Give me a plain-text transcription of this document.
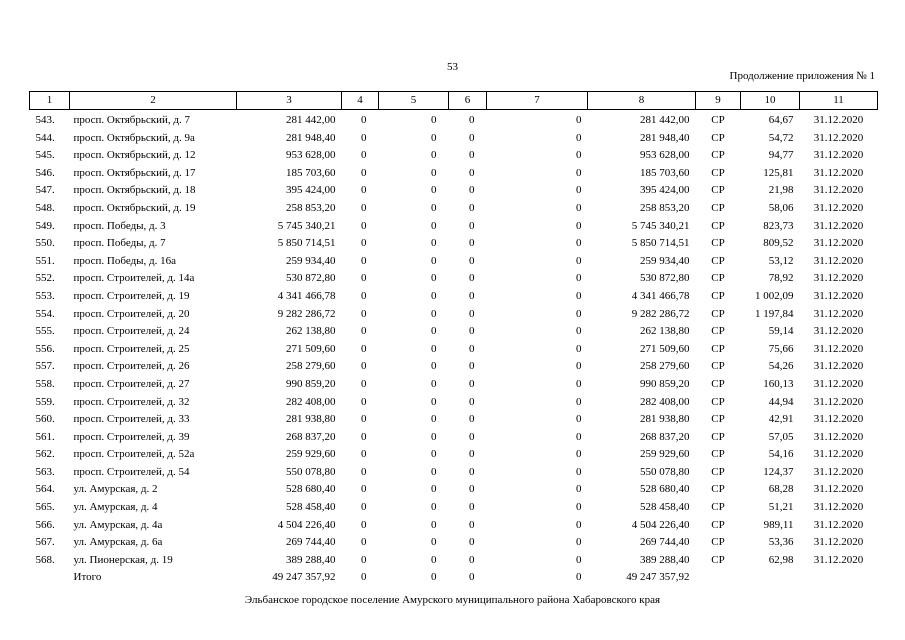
53
Продолжение приложения № 1
1	2	3	4	5	6	7	8	9	10	11
543.	просп. Октябрьский, д. 7	281 442,00	0	0	0	0	281 442,00	СР	64,67	31.12.2020
544.	просп. Октябрьский, д. 9а	281 948,40	0	0	0	0	281 948,40	СР	54,72	31.12.2020
545.	просп. Октябрьский, д. 12	953 628,00	0	0	0	0	953 628,00	СР	94,77	31.12.2020
546.	просп. Октябрьский, д. 17	185 703,60	0	0	0	0	185 703,60	СР	125,81	31.12.2020
547.	просп. Октябрьский, д. 18	395 424,00	0	0	0	0	395 424,00	СР	21,98	31.12.2020
548.	просп. Октябрьский, д. 19	258 853,20	0	0	0	0	258 853,20	СР	58,06	31.12.2020
549.	просп. Победы, д. 3	5 745 340,21	0	0	0	0	5 745 340,21	СР	823,73	31.12.2020
550.	просп. Победы, д. 7	5 850 714,51	0	0	0	0	5 850 714,51	СР	809,52	31.12.2020
551.	просп. Победы, д. 16а	259 934,40	0	0	0	0	259 934,40	СР	53,12	31.12.2020
552.	просп. Строителей, д. 14а	530 872,80	0	0	0	0	530 872,80	СР	78,92	31.12.2020
553.	просп. Строителей, д. 19	4 341 466,78	0	0	0	0	4 341 466,78	СР	1 002,09	31.12.2020
554.	просп. Строителей, д. 20	9 282 286,72	0	0	0	0	9 282 286,72	СР	1 197,84	31.12.2020
555.	просп. Строителей, д. 24	262 138,80	0	0	0	0	262 138,80	СР	59,14	31.12.2020
556.	просп. Строителей, д. 25	271 509,60	0	0	0	0	271 509,60	СР	75,66	31.12.2020
557.	просп. Строителей, д. 26	258 279,60	0	0	0	0	258 279,60	СР	54,26	31.12.2020
558.	просп. Строителей, д. 27	990 859,20	0	0	0	0	990 859,20	СР	160,13	31.12.2020
559.	просп. Строителей, д. 32	282 408,00	0	0	0	0	282 408,00	СР	44,94	31.12.2020
560.	просп. Строителей, д. 33	281 938,80	0	0	0	0	281 938,80	СР	42,91	31.12.2020
561.	просп. Строителей, д. 39	268 837,20	0	0	0	0	268 837,20	СР	57,05	31.12.2020
562.	просп. Строителей, д. 52а	259 929,60	0	0	0	0	259 929,60	СР	54,16	31.12.2020
563.	просп. Строителей, д. 54	550 078,80	0	0	0	0	550 078,80	СР	124,37	31.12.2020
564.	ул. Амурская, д. 2	528 680,40	0	0	0	0	528 680,40	СР	68,28	31.12.2020
565.	ул. Амурская, д. 4	528 458,40	0	0	0	0	528 458,40	СР	51,21	31.12.2020
566.	ул. Амурская, д. 4а	4 504 226,40	0	0	0	0	4 504 226,40	СР	989,11	31.12.2020
567.	ул. Амурская, д. 6а	269 744,40	0	0	0	0	269 744,40	СР	53,36	31.12.2020
568.	ул. Пионерская, д. 19	389 288,40	0	0	0	0	389 288,40	СР	62,98	31.12.2020
	Итого	49 247 357,92	0	0	0	0	49 247 357,92			
Эльбанское городское поселение Амурского муниципального района Хабаровского края
